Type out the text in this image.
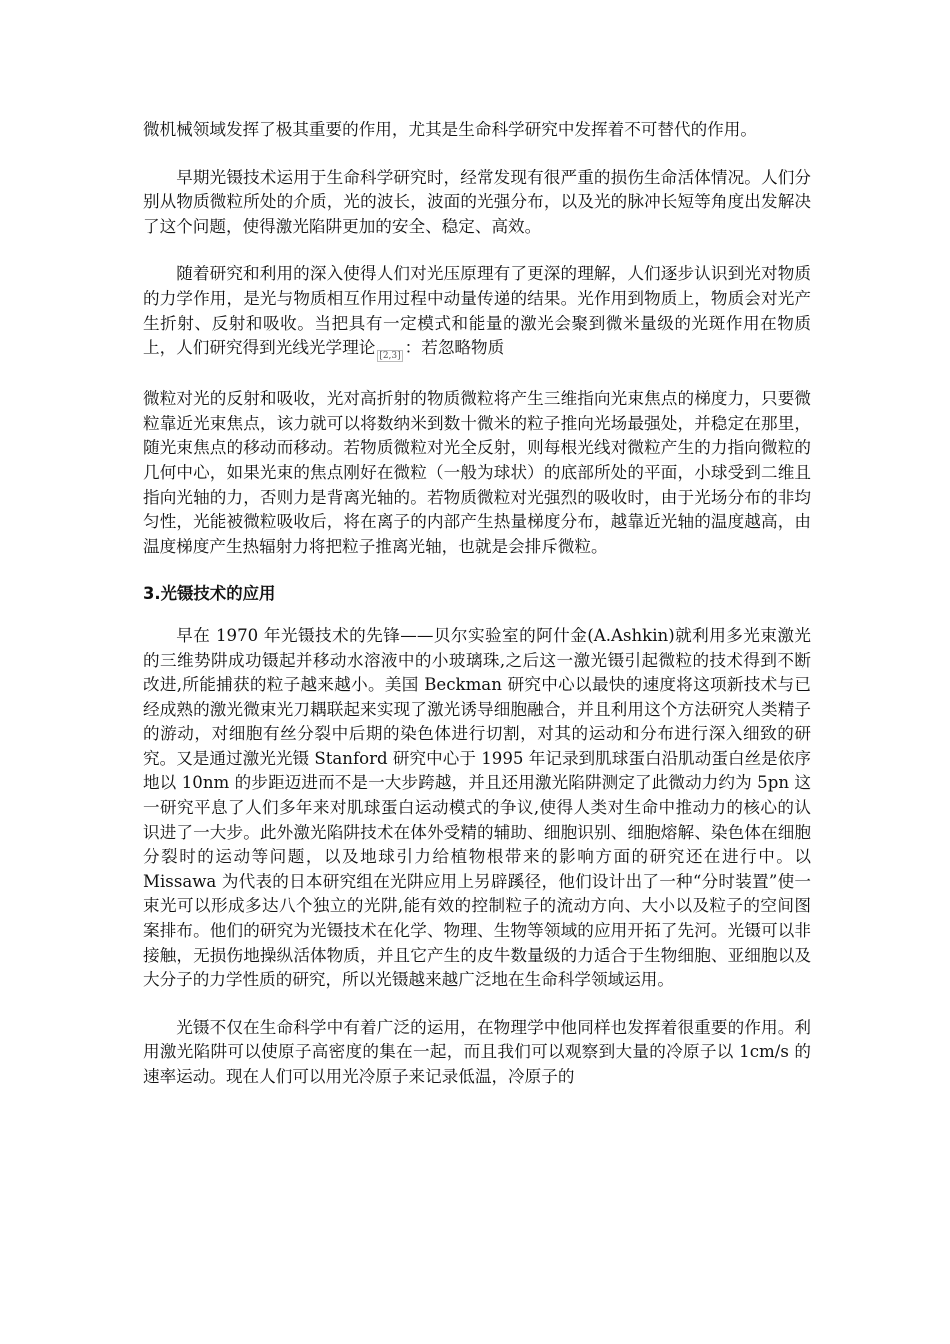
微机械领域发挥了极其重要的作用，尤其是生命科学研究中发挥着不可替代的作用。

早期光镊技术运用于生命科学研究时，经常发现有很严重的损伤生命活体情况。人们分别从物质微粒所处的介质，光的波长，波面的光强分布，以及光的脉冲长短等角度出发解决了这个问题，使得激光陷阱更加的安全、稳定、高效。

随着研究和利用的深入使得人们对光压原理有了更深的理解，人们逐步认识到光对物质的力学作用，是光与物质相互作用过程中动量传递的结果。光作用到物质上，物质会对光产生折射、反射和吸收。当把具有一定模式和能量的激光会聚到微米量级的光斑作用在物质上，人们研究得到光线光学理论 $_{[2,3]}$ ：若忽略物质

微粒对光的反射和吸收，光对高折射的物质微粒将产生三维指向光束焦点的梯度力，只要微粒靠近光束焦点，该力就可以将数纳米到数十微米的粒子推向光场最强处，并稳定在那里，随光束焦点的移动而移动。若物质微粒对光全反射，则每根光线对微粒产生的力指向微粒的几何中心，如果光束的焦点刚好在微粒（一般为球状）的底部所处的平面，小球受到二维且指向光轴的力，否则力是背离光轴的。若物质微粒对光强烈的吸收时，由于光场分布的非均匀性，光能被微粒吸收后，将在离子的内部产生热量梯度分布，越靠近光轴的温度越高，由温度梯度产生热辐射力将把粒子推离光轴，也就是会排斥微粒。

3.光镊技术的应用

早在 1970 年光镊技术的先锋——贝尔实验室的阿什金(A.Ashkin)就利用多光束激光的三维势阱成功镊起并移动水溶液中的小玻璃珠,之后这一激光镊引起微粒的技术得到不断改进,所能捕获的粒子越来越小。美国 Beckman 研究中心以最快的速度将这项新技术与已经成熟的激光微束光刀耦联起来实现了激光诱导细胞融合，并且利用这个方法研究人类精子的游动，对细胞有丝分裂中后期的染色体进行切割，对其的运动和分布进行深入细致的研究。又是通过激光光镊 Stanford 研究中心于 1995 年记录到肌球蛋白沿肌动蛋白丝是依序地以 10nm 的步距迈进而不是一大步跨越，并且还用激光陷阱测定了此微动力约为 5pn 这一研究平息了人们多年来对肌球蛋白运动模式的争议,使得人类对生命中推动力的核心的认识进了一大步。此外激光陷阱技术在体外受精的辅助、细胞识别、细胞熔解、染色体在细胞分裂时的运动等问题，以及地球引力给植物根带来的影响方面的研究还在进行中。以 Missawa 为代表的日本研究组在光阱应用上另辟蹊径，他们设计出了一种“分时装置”使一束光可以形成多达八个独立的光阱,能有效的控制粒子的流动方向、大小以及粒子的空间图案排布。他们的研究为光镊技术在化学、物理、生物等领域的应用开拓了先河。光镊可以非接触，无损伤地操纵活体物质，并且它产生的皮牛数量级的力适合于生物细胞、亚细胞以及大分子的力学性质的研究，所以光镊越来越广泛地在生命科学领域运用。

光镊不仅在生命科学中有着广泛的运用，在物理学中他同样也发挥着很重要的作用。利用激光陷阱可以使原子高密度的集在一起，而且我们可以观察到大量的冷原子以 1cm/s 的速率运动。现在人们可以用光冷原子来记录低温，冷原子的
